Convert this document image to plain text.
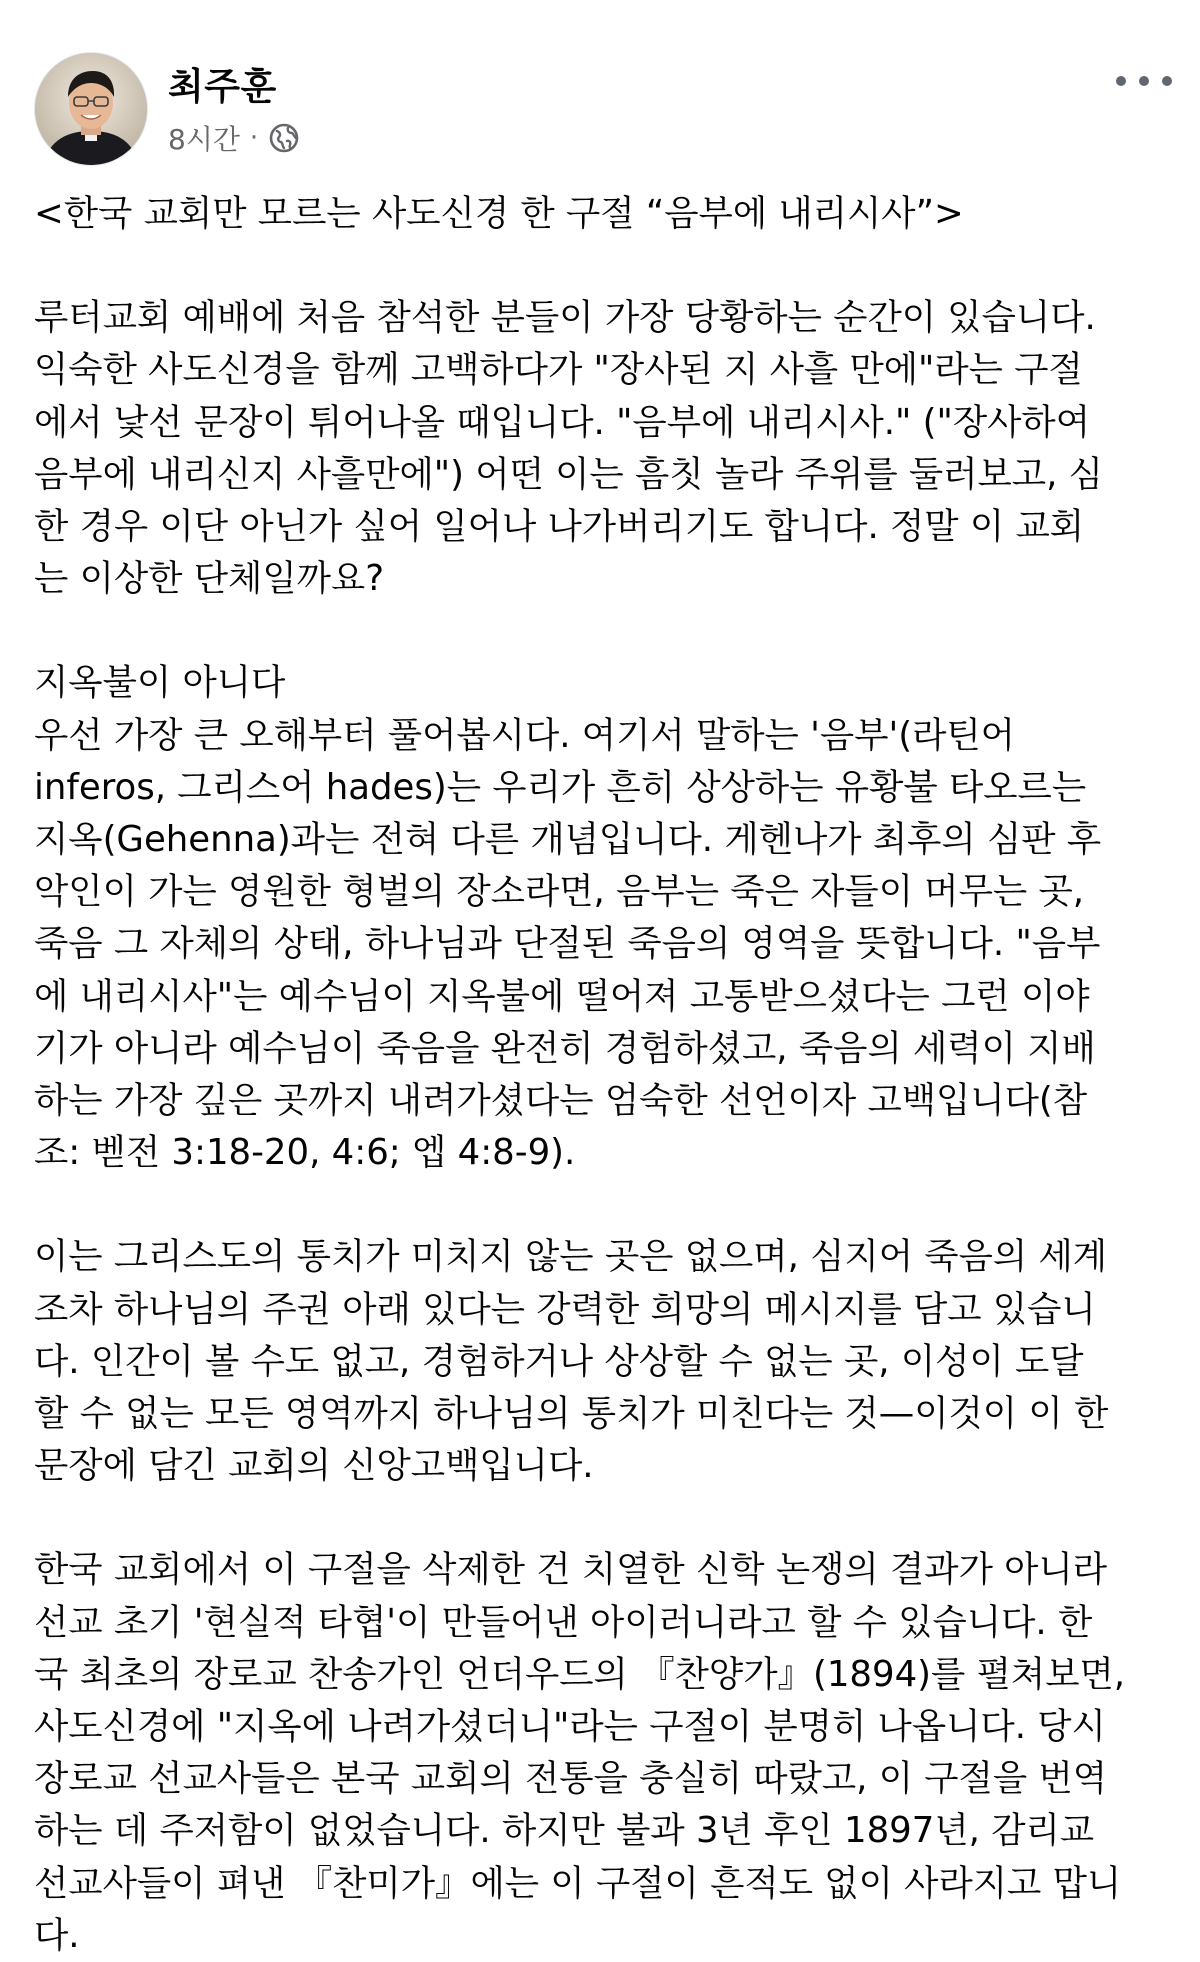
최주훈
8시간 ·

<한국 교회만 모르는 사도신경 한 구절 “음부에 내리시사”>

루터교회 예배에 처음 참석한 분들이 가장 당황하는 순간이 있습니다.
익숙한 사도신경을 함께 고백하다가 "장사된 지 사흘 만에"라는 구절
에서 낯선 문장이 튀어나올 때입니다. "음부에 내리시사." ("장사하여
음부에 내리신지 사흘만에") 어떤 이는 흠칫 놀라 주위를 둘러보고, 심
한 경우 이단 아닌가 싶어 일어나 나가버리기도 합니다. 정말 이 교회
는 이상한 단체일까요?

지옥불이 아니다
우선 가장 큰 오해부터 풀어봅시다. 여기서 말하는 '음부'(라틴어
inferos, 그리스어 hades)는 우리가 흔히 상상하는 유황불 타오르는
지옥(Gehenna)과는 전혀 다른 개념입니다. 게헨나가 최후의 심판 후
악인이 가는 영원한 형벌의 장소라면, 음부는 죽은 자들이 머무는 곳,
죽음 그 자체의 상태, 하나님과 단절된 죽음의 영역을 뜻합니다. "음부
에 내리시사"는 예수님이 지옥불에 떨어져 고통받으셨다는 그런 이야
기가 아니라 예수님이 죽음을 완전히 경험하셨고, 죽음의 세력이 지배
하는 가장 깊은 곳까지 내려가셨다는 엄숙한 선언이자 고백입니다(참
조: 벧전 3:18-20, 4:6; 엡 4:8-9).

이는 그리스도의 통치가 미치지 않는 곳은 없으며, 심지어 죽음의 세계
조차 하나님의 주권 아래 있다는 강력한 희망의 메시지를 담고 있습니
다. 인간이 볼 수도 없고, 경험하거나 상상할 수 없는 곳, 이성이 도달
할 수 없는 모든 영역까지 하나님의 통치가 미친다는 것—이것이 이 한
문장에 담긴 교회의 신앙고백입니다.

한국 교회에서 이 구절을 삭제한 건 치열한 신학 논쟁의 결과가 아니라
선교 초기 '현실적 타협'이 만들어낸 아이러니라고 할 수 있습니다. 한
국 최초의 장로교 찬송가인 언더우드의 『찬양가』(1894)를 펼쳐보면,
사도신경에 "지옥에 나려가셨더니"라는 구절이 분명히 나옵니다. 당시
장로교 선교사들은 본국 교회의 전통을 충실히 따랐고, 이 구절을 번역
하는 데 주저함이 없었습니다. 하지만 불과 3년 후인 1897년, 감리교
선교사들이 펴낸 『찬미가』에는 이 구절이 흔적도 없이 사라지고 맙니
다.
